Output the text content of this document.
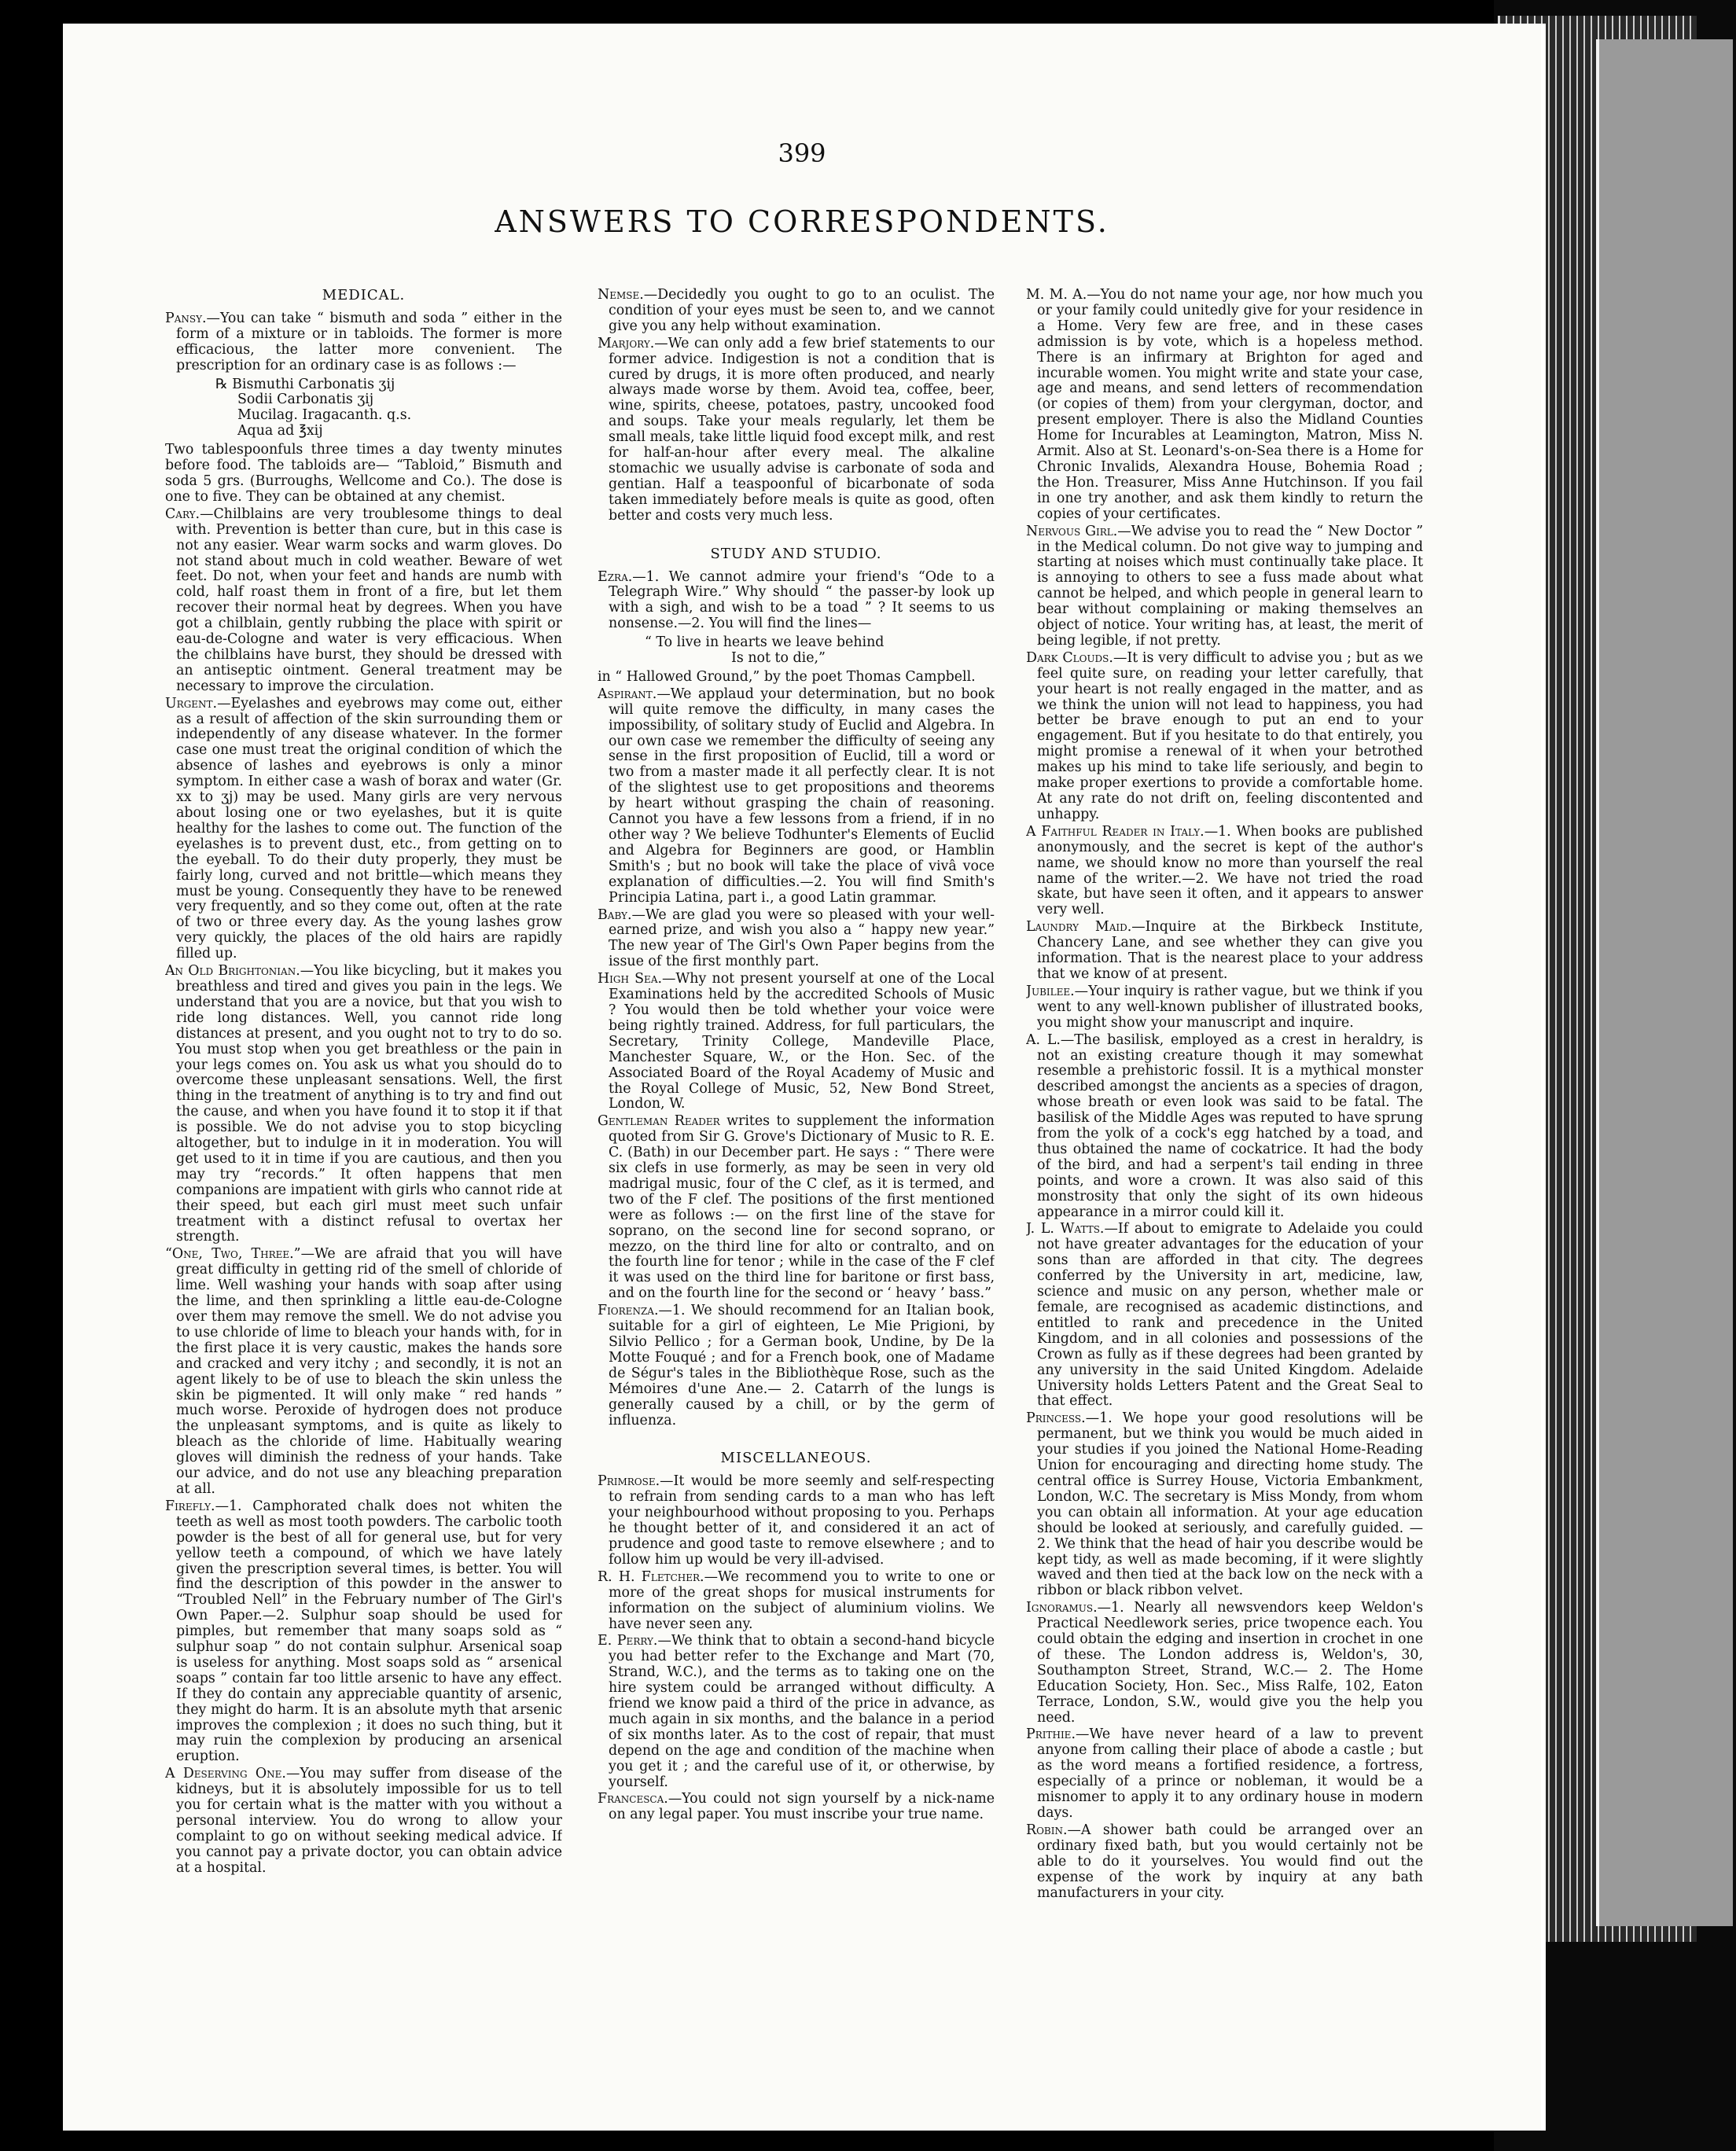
399
ANSWERS TO CORRESPONDENTS.
MEDICAL.

Pansy.—You can take “ bismuth and soda ” either in the form of a mixture or in tabloids. The former is more efficacious, the latter more convenient. The prescription for an ordinary case is as follows :—

℞ Bismuthi Carbonatis ʒij
Sodii Carbonatis ʒij
Mucilag. Iragacanth. q.s.
Aqua ad ℥xij

Two tablespoonfuls three times a day twenty minutes before food. The tabloids are— “Tabloid,” Bismuth and soda 5 grs. (Burroughs, Wellcome and Co.). The dose is one to five. They can be obtained at any chemist.

Cary.—Chilblains are very troublesome things to deal with. Prevention is better than cure, but in this case is not any easier. Wear warm socks and warm gloves. Do not stand about much in cold weather. Beware of wet feet. Do not, when your feet and hands are numb with cold, half roast them in front of a fire, but let them recover their normal heat by degrees. When you have got a chilblain, gently rubbing the place with spirit or eau-de-Cologne and water is very efficacious. When the chilblains have burst, they should be dressed with an antiseptic ointment. General treatment may be necessary to improve the circulation.

Urgent.—Eyelashes and eyebrows may come out, either as a result of affection of the skin surrounding them or independently of any disease whatever. In the former case one must treat the original condition of which the absence of lashes and eyebrows is only a minor symptom. In either case a wash of borax and water (Gr. xx to ʒj) may be used. Many girls are very nervous about losing one or two eyelashes, but it is quite healthy for the lashes to come out. The function of the eyelashes is to prevent dust, etc., from getting on to the eyeball. To do their duty properly, they must be fairly long, curved and not brittle—which means they must be young. Consequently they have to be renewed very frequently, and so they come out, often at the rate of two or three every day. As the young lashes grow very quickly, the places of the old hairs are rapidly filled up.

An Old Brightonian.—You like bicycling, but it makes you breathless and tired and gives you pain in the legs. We understand that you are a novice, but that you wish to ride long distances. Well, you cannot ride long distances at present, and you ought not to try to do so. You must stop when you get breathless or the pain in your legs comes on. You ask us what you should do to overcome these unpleasant sensations. Well, the first thing in the treatment of anything is to try and find out the cause, and when you have found it to stop it if that is possible. We do not advise you to stop bicycling altogether, but to indulge in it in moderation. You will get used to it in time if you are cautious, and then you may try “records.” It often happens that men companions are impatient with girls who cannot ride at their speed, but each girl must meet such unfair treatment with a distinct refusal to overtax her strength.

“One, Two, Three.”—We are afraid that you will have great difficulty in getting rid of the smell of chloride of lime. Well washing your hands with soap after using the lime, and then sprinkling a little eau-de-Cologne over them may remove the smell. We do not advise you to use chloride of lime to bleach your hands with, for in the first place it is very caustic, makes the hands sore and cracked and very itchy ; and secondly, it is not an agent likely to be of use to bleach the skin unless the skin be pigmented. It will only make “ red hands ” much worse. Peroxide of hydrogen does not produce the unpleasant symptoms, and is quite as likely to bleach as the chloride of lime. Habitually wearing gloves will diminish the redness of your hands. Take our advice, and do not use any bleaching preparation at all.

Firefly.—1. Camphorated chalk does not whiten the teeth as well as most tooth powders. The carbolic tooth powder is the best of all for general use, but for very yellow teeth a compound, of which we have lately given the prescription several times, is better. You will find the description of this powder in the answer to “Troubled Nell” in the February number of The Girl's Own Paper.—2. Sulphur soap should be used for pimples, but remember that many soaps sold as “ sulphur soap ” do not contain sulphur. Arsenical soap is useless for anything. Most soaps sold as “ arsenical soaps ” contain far too little arsenic to have any effect. If they do contain any appreciable quantity of arsenic, they might do harm. It is an absolute myth that arsenic improves the complexion ; it does no such thing, but it may ruin the complexion by producing an arsenical eruption.

A Deserving One.—You may suffer from disease of the kidneys, but it is absolutely impossible for us to tell you for certain what is the matter with you without a personal interview. You do wrong to allow your complaint to go on without seeking medical advice. If you cannot pay a private doctor, you can obtain advice at a hospital.

Nemse.—Decidedly you ought to go to an oculist. The condition of your eyes must be seen to, and we cannot give you any help without examination.

Marjory.—We can only add a few brief statements to our former advice. Indigestion is not a condition that is cured by drugs, it is more often produced, and nearly always made worse by them. Avoid tea, coffee, beer, wine, spirits, cheese, potatoes, pastry, uncooked food and soups. Take your meals regularly, let them be small meals, take little liquid food except milk, and rest for half-an-hour after every meal. The alkaline stomachic we usually advise is carbonate of soda and gentian. Half a teaspoonful of bicarbonate of soda taken immediately before meals is quite as good, often better and costs very much less.

STUDY AND STUDIO.

Ezra.—1. We cannot admire your friend's “Ode to a Telegraph Wire.” Why should “ the passer-by look up with a sigh, and wish to be a toad ” ? It seems to us nonsense.—2. You will find the lines—

“ To live in hearts we leave behind
Is not to die,”

in “ Hallowed Ground,” by the poet Thomas Campbell.

Aspirant.—We applaud your determination, but no book will quite remove the difficulty, in many cases the impossibility, of solitary study of Euclid and Algebra. In our own case we remember the difficulty of seeing any sense in the first proposition of Euclid, till a word or two from a master made it all perfectly clear. It is not of the slightest use to get propositions and theorems by heart without grasping the chain of reasoning. Cannot you have a few lessons from a friend, if in no other way ? We believe Todhunter's Elements of Euclid and Algebra for Beginners are good, or Hamblin Smith's ; but no book will take the place of vivâ voce explanation of difficulties.—2. You will find Smith's Principia Latina, part i., a good Latin grammar.

Baby.—We are glad you were so pleased with your well-earned prize, and wish you also a “ happy new year.” The new year of The Girl's Own Paper begins from the issue of the first monthly part.

High Sea.—Why not present yourself at one of the Local Examinations held by the accredited Schools of Music ? You would then be told whether your voice were being rightly trained. Address, for full particulars, the Secretary, Trinity College, Mandeville Place, Manchester Square, W., or the Hon. Sec. of the Associated Board of the Royal Academy of Music and the Royal College of Music, 52, New Bond Street, London, W.

Gentleman Reader writes to supplement the information quoted from Sir G. Grove's Dictionary of Music to R. E. C. (Bath) in our December part. He says : “ There were six clefs in use formerly, as may be seen in very old madrigal music, four of the C clef, as it is termed, and two of the F clef. The positions of the first mentioned were as follows :— on the first line of the stave for soprano, on the second line for second soprano, or mezzo, on the third line for alto or contralto, and on the fourth line for tenor ; while in the case of the F clef it was used on the third line for baritone or first bass, and on the fourth line for the second or ‘ heavy ’ bass.”

Fiorenza.—1. We should recommend for an Italian book, suitable for a girl of eighteen, Le Mie Prigioni, by Silvio Pellico ; for a German book, Undine, by De la Motte Fouqué ; and for a French book, one of Madame de Ségur's tales in the Bibliothèque Rose, such as the Mémoires d'une Ane.— 2. Catarrh of the lungs is generally caused by a chill, or by the germ of influenza.

MISCELLANEOUS.

Primrose.—It would be more seemly and self-respecting to refrain from sending cards to a man who has left your neighbourhood without proposing to you. Perhaps he thought better of it, and considered it an act of prudence and good taste to remove elsewhere ; and to follow him up would be very ill-advised.

R. H. Fletcher.—We recommend you to write to one or more of the great shops for musical instruments for information on the subject of aluminium violins. We have never seen any.

E. Perry.—We think that to obtain a second-hand bicycle you had better refer to the Exchange and Mart (70, Strand, W.C.), and the terms as to taking one on the hire system could be arranged without difficulty. A friend we know paid a third of the price in advance, as much again in six months, and the balance in a period of six months later. As to the cost of repair, that must depend on the age and condition of the machine when you get it ; and the careful use of it, or otherwise, by yourself.

Francesca.—You could not sign yourself by a nick-name on any legal paper. You must inscribe your true name.

M. M. A.—You do not name your age, nor how much you or your family could unitedly give for your residence in a Home. Very few are free, and in these cases admission is by vote, which is a hopeless method. There is an infirmary at Brighton for aged and incurable women. You might write and state your case, age and means, and send letters of recommendation (or copies of them) from your clergyman, doctor, and present employer. There is also the Midland Counties Home for Incurables at Leamington, Matron, Miss N. Armit. Also at St. Leonard's-on-Sea there is a Home for Chronic Invalids, Alexandra House, Bohemia Road ; the Hon. Treasurer, Miss Anne Hutchinson. If you fail in one try another, and ask them kindly to return the copies of your certificates.

Nervous Girl.—We advise you to read the “ New Doctor ” in the Medical column. Do not give way to jumping and starting at noises which must continually take place. It is annoying to others to see a fuss made about what cannot be helped, and which people in general learn to bear without complaining or making themselves an object of notice. Your writing has, at least, the merit of being legible, if not pretty.

Dark Clouds.—It is very difficult to advise you ; but as we feel quite sure, on reading your letter carefully, that your heart is not really engaged in the matter, and as we think the union will not lead to happiness, you had better be brave enough to put an end to your engagement. But if you hesitate to do that entirely, you might promise a renewal of it when your betrothed makes up his mind to take life seriously, and begin to make proper exertions to provide a comfortable home. At any rate do not drift on, feeling discontented and unhappy.

A Faithful Reader in Italy.—1. When books are published anonymously, and the secret is kept of the author's name, we should know no more than yourself the real name of the writer.—2. We have not tried the road skate, but have seen it often, and it appears to answer very well.

Laundry Maid.—Inquire at the Birkbeck Institute, Chancery Lane, and see whether they can give you information. That is the nearest place to your address that we know of at present.

Jubilee.—Your inquiry is rather vague, but we think if you went to any well-known publisher of illustrated books, you might show your manuscript and inquire.

A. L.—The basilisk, employed as a crest in heraldry, is not an existing creature though it may somewhat resemble a prehistoric fossil. It is a mythical monster described amongst the ancients as a species of dragon, whose breath or even look was said to be fatal. The basilisk of the Middle Ages was reputed to have sprung from the yolk of a cock's egg hatched by a toad, and thus obtained the name of cockatrice. It had the body of the bird, and had a serpent's tail ending in three points, and wore a crown. It was also said of this monstrosity that only the sight of its own hideous appearance in a mirror could kill it.

J. L. Watts.—If about to emigrate to Adelaide you could not have greater advantages for the education of your sons than are afforded in that city. The degrees conferred by the University in art, medicine, law, science and music on any person, whether male or female, are recognised as academic distinctions, and entitled to rank and precedence in the United Kingdom, and in all colonies and possessions of the Crown as fully as if these degrees had been granted by any university in the said United Kingdom. Adelaide University holds Letters Patent and the Great Seal to that effect.

Princess.—1. We hope your good resolutions will be permanent, but we think you would be much aided in your studies if you joined the National Home-Reading Union for encouraging and directing home study. The central office is Surrey House, Victoria Embankment, London, W.C. The secretary is Miss Mondy, from whom you can obtain all information. At your age education should be looked at seriously, and carefully guided. —2. We think that the head of hair you describe would be kept tidy, as well as made becoming, if it were slightly waved and then tied at the back low on the neck with a ribbon or black ribbon velvet.

Ignoramus.—1. Nearly all newsvendors keep Weldon's Practical Needlework series, price twopence each. You could obtain the edging and insertion in crochet in one of these. The London address is, Weldon's, 30, Southampton Street, Strand, W.C.— 2. The Home Education Society, Hon. Sec., Miss Ralfe, 102, Eaton Terrace, London, S.W., would give you the help you need.

Prithie.—We have never heard of a law to prevent anyone from calling their place of abode a castle ; but as the word means a fortified residence, a fortress, especially of a prince or nobleman, it would be a misnomer to apply it to any ordinary house in modern days.

Robin.—A shower bath could be arranged over an ordinary fixed bath, but you would certainly not be able to do it yourselves. You would find out the expense of the work by inquiry at any bath manufacturers in your city.
